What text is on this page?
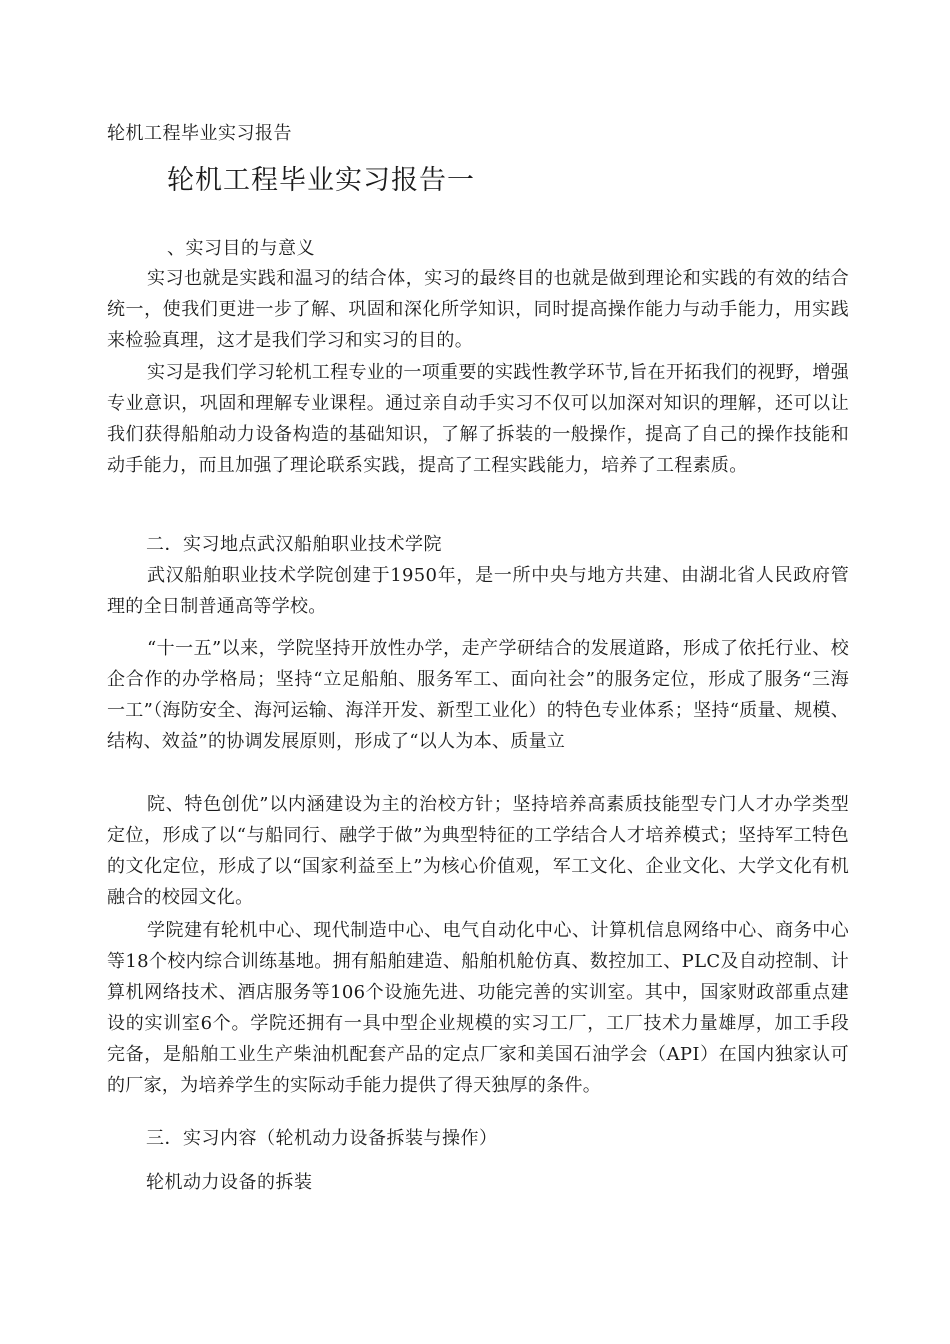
轮机工程毕业实习报告
轮机工程毕业实习报告一
、实习目的与意义

实习也就是实践和温习的结合体，实习的最终目的也就是做到理论和实践的有效的结合统一，使我们更进一步了解、巩固和深化所学知识，同时提高操作能力与动手能力，用实践来检验真理，这才是我们学习和实习的目的。

实习是我们学习轮机工程专业的一项重要的实践性教学环节,旨在开拓我们的视野，增强专业意识，巩固和理解专业课程。通过亲自动手实习不仅可以加深对知识的理解，还可以让我们获得船舶动力设备构造的基础知识，了解了拆装的一般操作，提高了自己的操作技能和动手能力，而且加强了理论联系实践，提高了工程实践能力，培养了工程素质。

二．实习地点武汉船舶职业技术学院

武汉船舶职业技术学院创建于1950年，是一所中央与地方共建、由湖北省人民政府管理的全日制普通高等学校。

“十一五”以来，学院坚持开放性办学，走产学研结合的发展道路，形成了依托行业、校企合作的办学格局；坚持“立足船舶、服务军工、面向社会”的服务定位，形成了服务“三海一工”（海防安全、海河运输、海洋开发、新型工业化）的特色专业体系；坚持“质量、规模、结构、效益”的协调发展原则，形成了“以人为本、质量立

院、特色创优”以内涵建设为主的治校方针；坚持培养高素质技能型专门人才办学类型定位，形成了以“与船同行、融学于做”为典型特征的工学结合人才培养模式；坚持军工特色的文化定位，形成了以“国家利益至上”为核心价值观，军工文化、企业文化、大学文化有机融合的校园文化。

学院建有轮机中心、现代制造中心、电气自动化中心、计算机信息网络中心、商务中心等18个校内综合训练基地。拥有船舶建造、船舶机舱仿真、数控加工、PLC及自动控制、计算机网络技术、酒店服务等106个设施先进、功能完善的实训室。其中，国家财政部重点建设的实训室6个。学院还拥有一具中型企业规模的实习工厂，工厂技术力量雄厚，加工手段完备，是船舶工业生产柴油机配套产品的定点厂家和美国石油学会（API）在国内独家认可的厂家，为培养学生的实际动手能力提供了得天独厚的条件。

三．实习内容（轮机动力设备拆装与操作）
轮机动力设备的拆装
